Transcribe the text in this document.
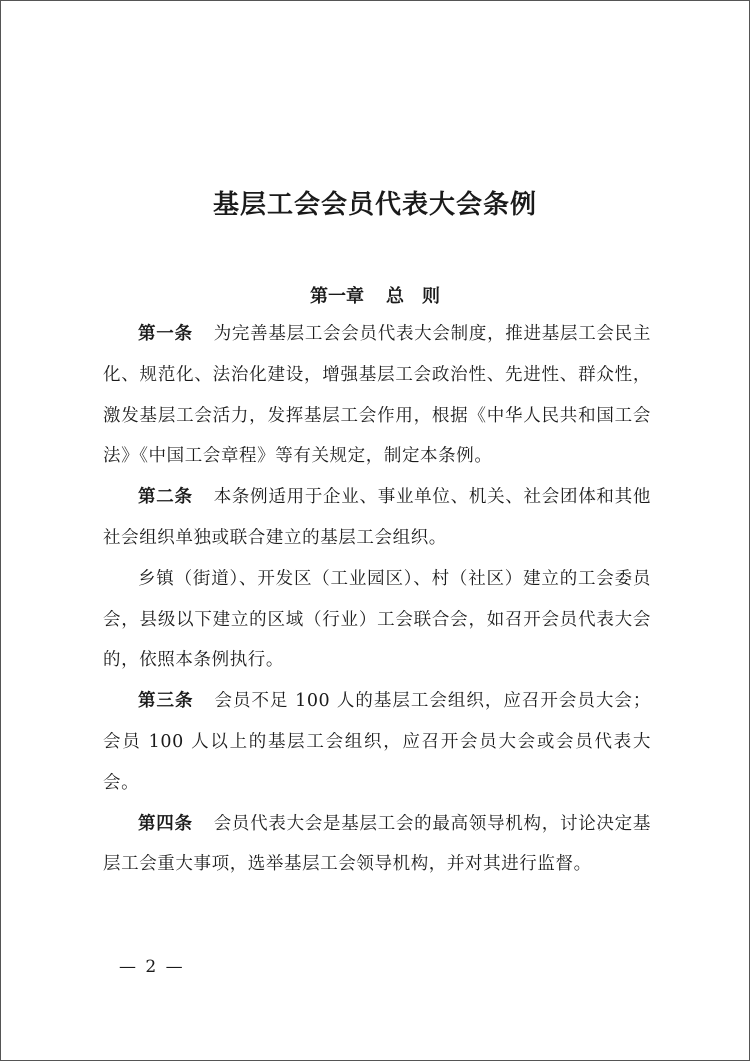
基层工会会员代表大会条例
第一章 总　则

第一条 为完善基层工会会员代表大会制度，推进基层工会民主化、规范化、法治化建设，增强基层工会政治性、先进性、群众性，激发基层工会活力，发挥基层工会作用，根据《中华人民共和国工会法》《中国工会章程》等有关规定，制定本条例。

第二条 本条例适用于企业、事业单位、机关、社会团体和其他社会组织单独或联合建立的基层工会组织。

乡镇（街道）、开发区（工业园区）、村（社区）建立的工会委员会，县级以下建立的区域（行业）工会联合会，如召开会员代表大会的，依照本条例执行。

第三条 会员不足 100 人的基层工会组织，应召开会员大会；会员 100 人以上的基层工会组织，应召开会员大会或会员代表大会。

第四条 会员代表大会是基层工会的最高领导机构，讨论决定基层工会重大事项，选举基层工会领导机构，并对其进行监督。

— 2 —
